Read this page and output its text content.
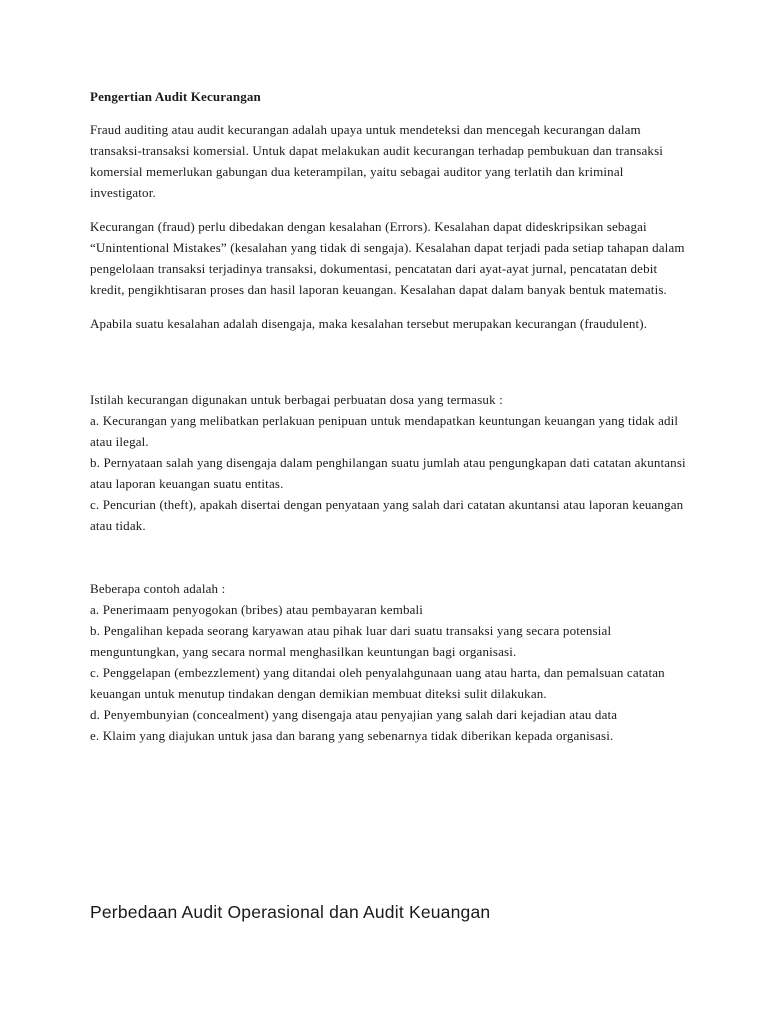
Pengertian Audit Kecurangan

Fraud auditing atau audit kecurangan adalah upaya untuk mendeteksi dan mencegah kecurangan dalam transaksi-transaksi komersial. Untuk dapat melakukan audit kecurangan terhadap pembukuan dan transaksi komersial memerlukan gabungan dua keterampilan, yaitu sebagai auditor yang terlatih dan kriminal investigator.

Kecurangan (fraud) perlu dibedakan dengan kesalahan (Errors). Kesalahan dapat dideskripsikan sebagai “Unintentional Mistakes” (kesalahan yang tidak di sengaja). Kesalahan dapat terjadi pada setiap tahapan dalam pengelolaan transaksi terjadinya transaksi, dokumentasi, pencatatan dari ayat-ayat jurnal, pencatatan debit kredit, pengikhtisaran proses dan hasil laporan keuangan. Kesalahan dapat dalam banyak bentuk matematis.

Apabila suatu kesalahan adalah disengaja, maka kesalahan tersebut merupakan kecurangan (fraudulent).

Istilah kecurangan digunakan untuk berbagai perbuatan dosa yang termasuk :

a. Kecurangan yang melibatkan perlakuan penipuan untuk mendapatkan keuntungan keuangan yang tidak adil atau ilegal.

b. Pernyataan salah yang disengaja dalam penghilangan suatu jumlah atau pengungkapan dati catatan akuntansi atau laporan keuangan suatu entitas.

c. Pencurian (theft), apakah disertai dengan penyataan yang salah dari catatan akuntansi atau laporan keuangan atau tidak.

Beberapa contoh adalah :

a. Penerimaam penyogokan (bribes) atau pembayaran kembali

b. Pengalihan kepada seorang karyawan atau pihak luar dari suatu transaksi yang secara potensial menguntungkan, yang secara normal menghasilkan keuntungan bagi organisasi.

c. Penggelapan (embezzlement) yang ditandai oleh penyalahgunaan uang atau harta, dan pemalsuan catatan keuangan untuk menutup tindakan dengan demikian membuat diteksi sulit dilakukan.

d. Penyembunyian (concealment) yang disengaja atau penyajian yang salah dari kejadian atau data

e. Klaim yang diajukan untuk jasa dan barang yang sebenarnya tidak diberikan kepada organisasi.

Perbedaan Audit Operasional dan Audit Keuangan
